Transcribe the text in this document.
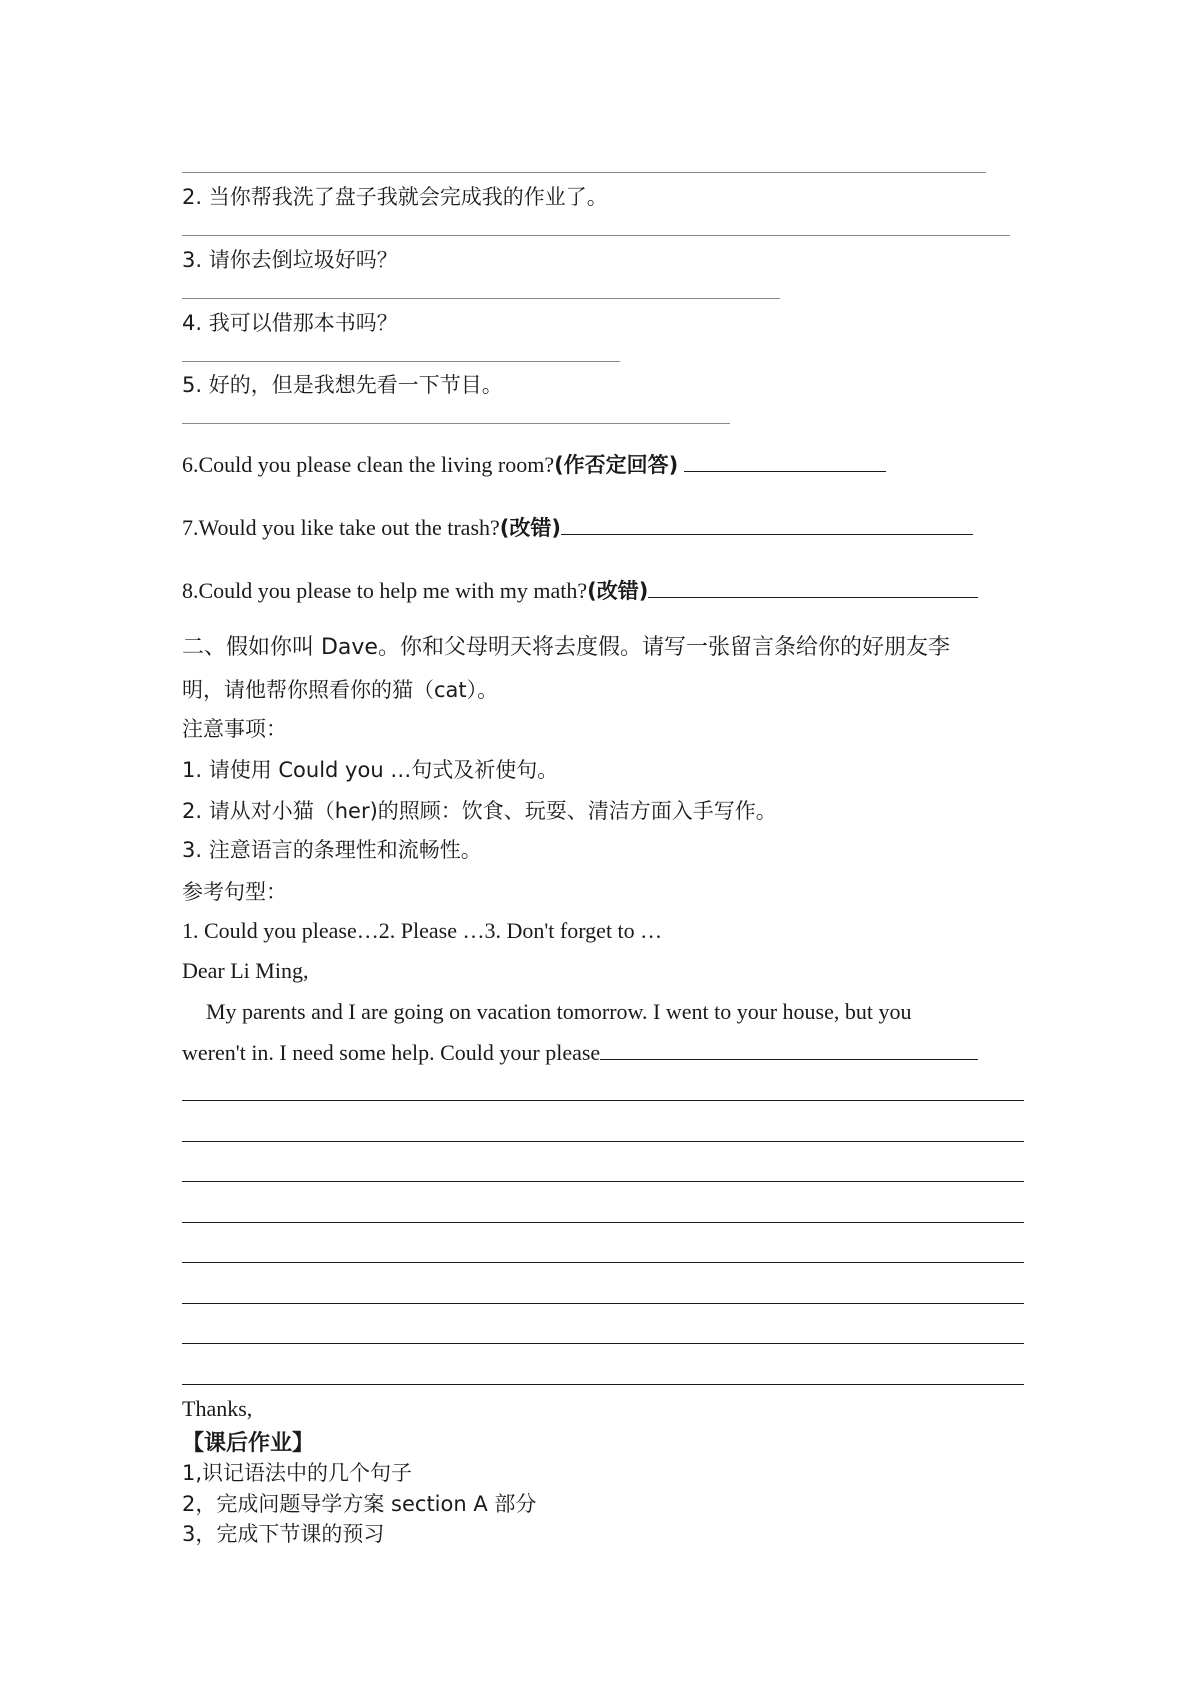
2. 当你帮我洗了盘子我就会完成我的作业了。
3. 请你去倒垃圾好吗？
4. 我可以借那本书吗？
5. 好的，但是我想先看一下节目。
6.Could you please clean the living room?(作否定回答)
7.Would you like take out the trash?(改错)
8.Could you please to help me with my math?(改错)
二、假如你叫 Dave。你和父母明天将去度假。请写一张留言条给你的好朋友李
明，请他帮你照看你的猫（cat）。
注意事项：
1. 请使用 Could you …句式及祈使句。
2. 请从对小猫（her)的照顾：饮食、玩耍、清洁方面入手写作。
3. 注意语言的条理性和流畅性。
参考句型：
1. Could you please…2. Please …3. Don't forget to …
Dear Li Ming,
My parents and I are going on vacation tomorrow. I went to your house, but you
weren't in. I need some help. Could your please
Thanks,
【课后作业】
1,识记语法中的几个句子
2，完成问题导学方案 section A 部分
3，完成下节课的预习
